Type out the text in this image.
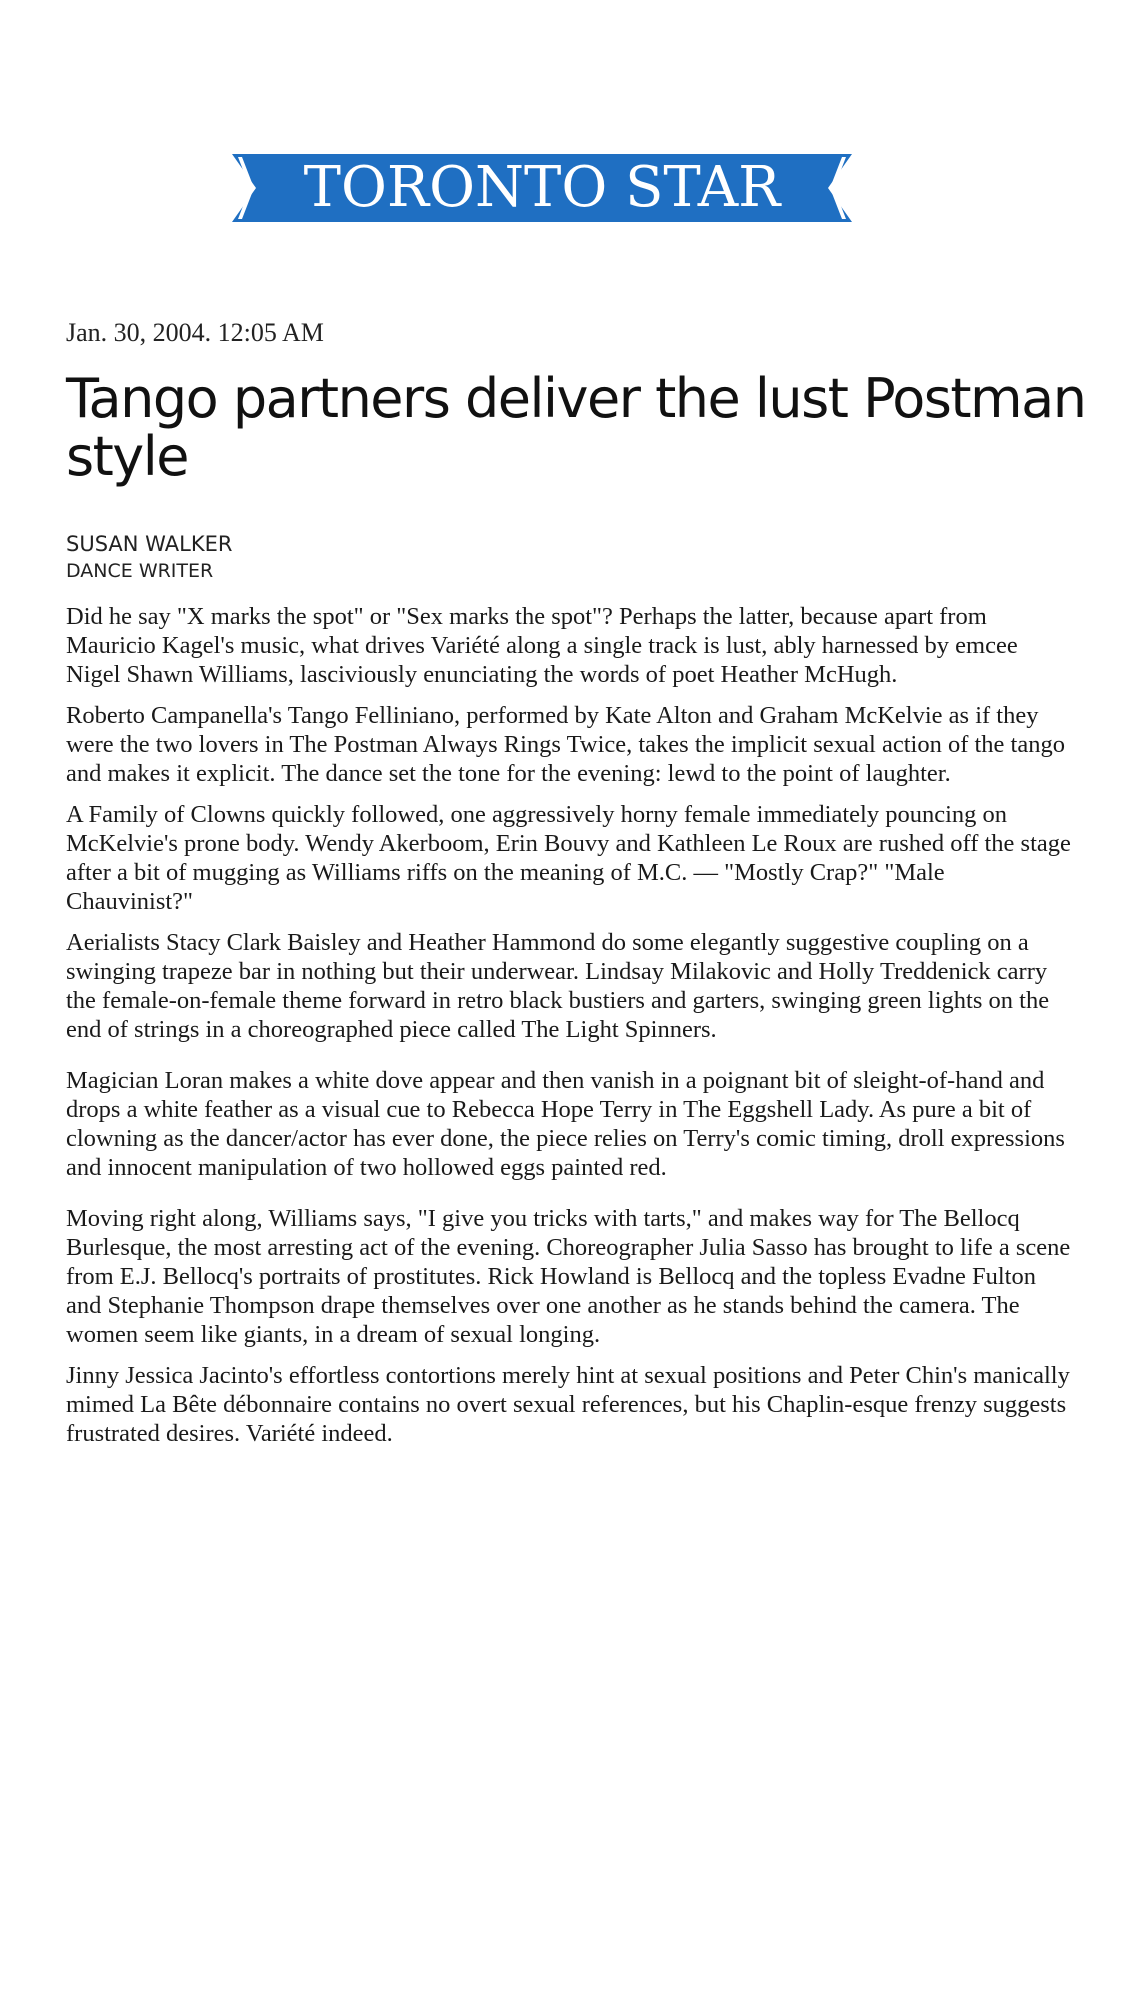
TORONTO STAR
Jan. 30, 2004. 12:05 AM
Tango partners deliver the lust Postman style
SUSAN WALKER
DANCE WRITER

Did he say "X marks the spot" or "Sex marks the spot"? Perhaps the latter, because apart from Mauricio Kagel's music, what drives Variété along a single track is lust, ably harnessed by emcee Nigel Shawn Williams, lasciviously enunciating the words of poet Heather McHugh.

Roberto Campanella's Tango Felliniano, performed by Kate Alton and Graham McKelvie as if they were the two lovers in The Postman Always Rings Twice, takes the implicit sexual action of the tango and makes it explicit. The dance set the tone for the evening: lewd to the point of laughter.

A Family of Clowns quickly followed, one aggressively horny female immediately pouncing on McKelvie's prone body. Wendy Akerboom, Erin Bouvy and Kathleen Le Roux are rushed off the stage after a bit of mugging as Williams riffs on the meaning of M.C. — "Mostly Crap?" "Male Chauvinist?"

Aerialists Stacy Clark Baisley and Heather Hammond do some elegantly suggestive coupling on a swinging trapeze bar in nothing but their underwear. Lindsay Milakovic and Holly Treddenick carry the female-on-female theme forward in retro black bustiers and garters, swinging green lights on the end of strings in a choreographed piece called The Light Spinners.

Magician Loran makes a white dove appear and then vanish in a poignant bit of sleight-of-hand and drops a white feather as a visual cue to Rebecca Hope Terry in The Eggshell Lady. As pure a bit of clowning as the dancer/actor has ever done, the piece relies on Terry's comic timing, droll expressions and innocent manipulation of two hollowed eggs painted red.

Moving right along, Williams says, "I give you tricks with tarts," and makes way for The Bellocq Burlesque, the most arresting act of the evening. Choreographer Julia Sasso has brought to life a scene from E.J. Bellocq's portraits of prostitutes. Rick Howland is Bellocq and the topless Evadne Fulton and Stephanie Thompson drape themselves over one another as he stands behind the camera. The women seem like giants, in a dream of sexual longing.

Jinny Jessica Jacinto's effortless contortions merely hint at sexual positions and Peter Chin's manically mimed La Bête débonnaire contains no overt sexual references, but his Chaplin-esque frenzy suggests frustrated desires. Variété indeed.
